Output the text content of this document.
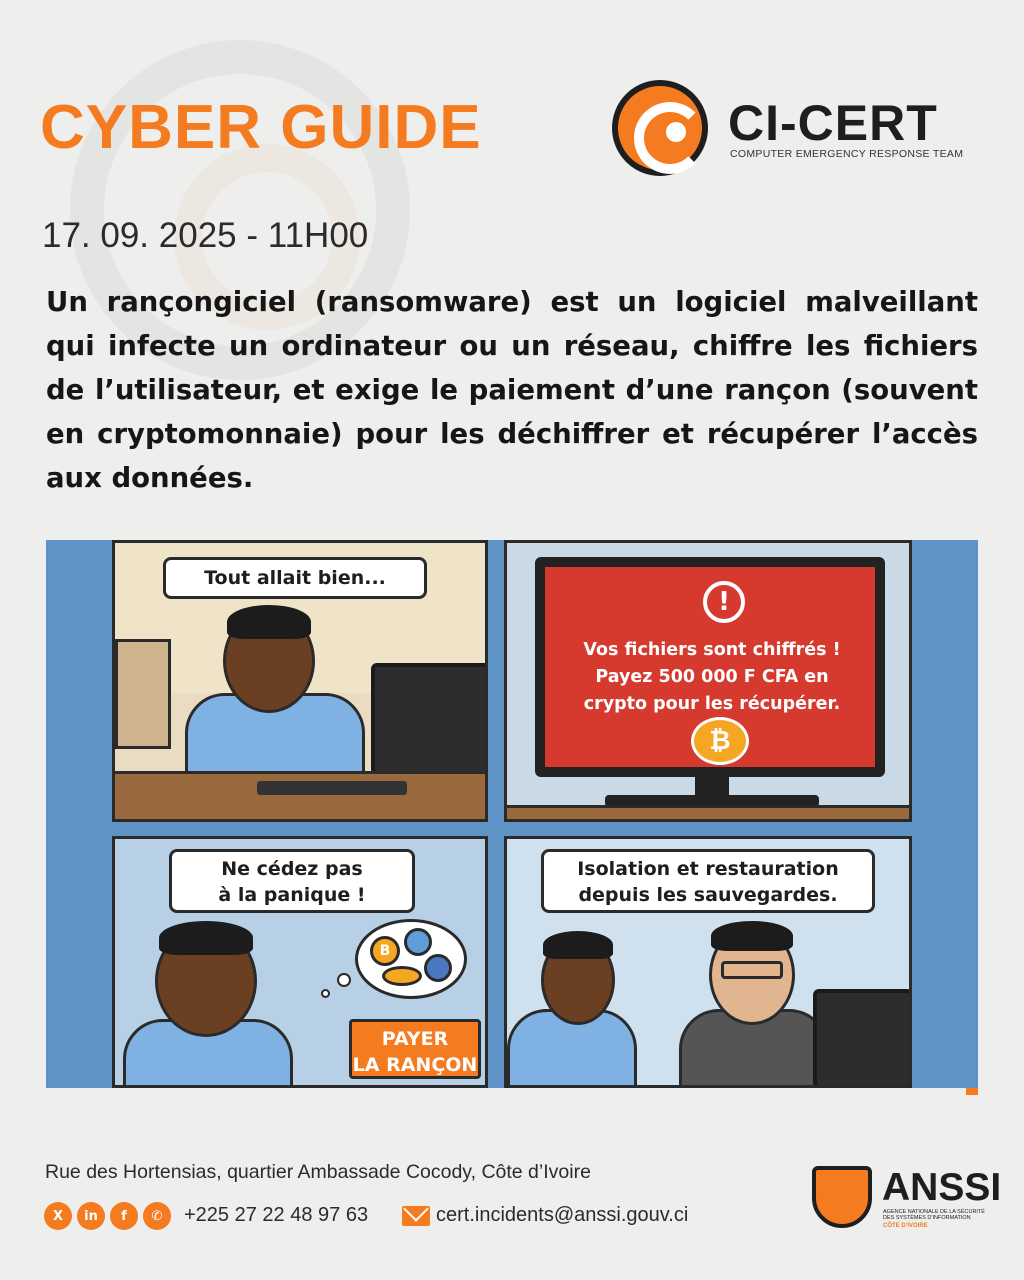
CYBER GUIDE	CI-CERT
COMPUTER EMERGENCY RESPONSE TEAM
17. 09. 2025 - 11H00

Un rançongiciel (ransomware) est un logiciel malveillant qui infecte un ordinateur ou un réseau, chiffre les fichiers de l’utilisateur, et exige le paiement d’une rançon (souvent en cryptomonnaie) pour les déchiffrer et récupérer l’accès aux données.

Tout allait bien...
!
Vos fichiers sont chiffrés !
Payez 500 000 F CFA en
crypto pour les récupérer.
₿
Ne cédez pas
à la panique !
B
PAYER
LA RANÇON
Isolation et restauration
depuis les sauvegardes.
Rue des Hortensias, quartier Ambassade Cocody, Côte d’Ivoire
X	in	f	✆	+225 27 22 48 97 63	cert.incidents@anssi.gouv.ci
ANSSI
AGENCE NATIONALE DE LA SÉCURITÉ DES SYSTÈMES D’INFORMATION
CÔTE D’IVOIRE
